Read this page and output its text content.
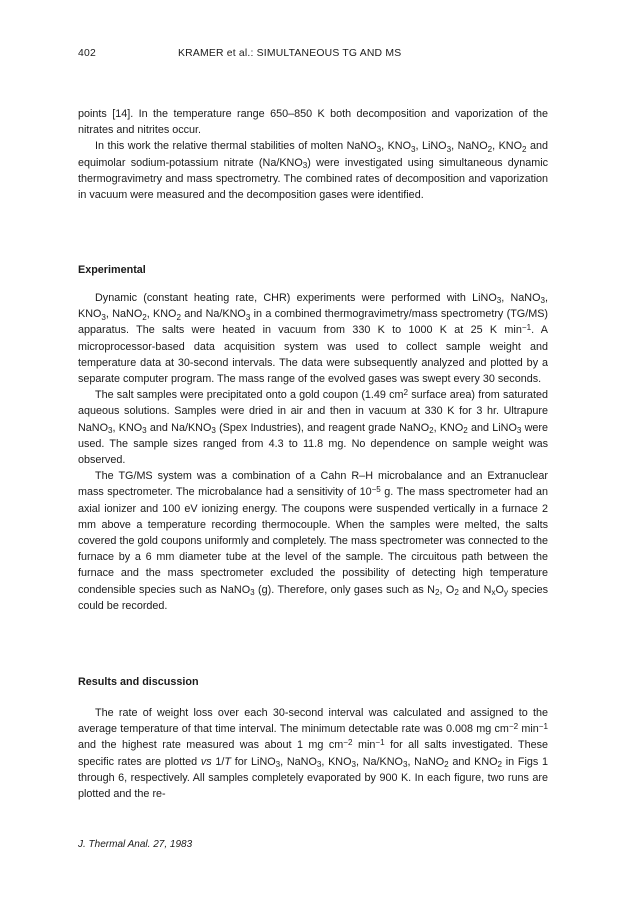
402	KRAMER et al.: SIMULTANEOUS TG AND MS

points [14]. In the temperature range 650–850 K both decomposition and vaporization of the nitrates and nitrites occur.

In this work the relative thermal stabilities of molten NaNO$_3$, $KNO_3$, LiNO$_3$, NaNO$_2$, $KNO_2$ and equimolar sodium-potassium nitrate $(Na/KNO_3)$ were investigated using simultaneous dynamic thermogravimetry and mass spectrometry. The combined rates of decomposition and vaporization in vacuum were measured and the decomposition gases were identified.

Experimental

Dynamic (constant heating rate, CHR) experiments were performed with LiNO$_3$, NaNO$_3$, $KNO_3$, NaNO$_2$, $KNO_2$ and $Na/KNO_3$ in a combined thermogravimetry/mass spectrometry (TG/MS) apparatus. The salts were heated in vacuum from 330 K to 1000 K at 25 K $\min^{-1}$. A microprocessor-based data acquisition system was used to collect sample weight and temperature data at 30-second intervals. The data were subsequently analyzed and plotted by a separate computer program. The mass range of the evolved gases was swept every 30 seconds.

The salt samples were precipitated onto a gold coupon (1.49 $cm^2$ surface area) from saturated aqueous solutions. Samples were dried in air and then in vacuum at 330 K for 3 hr. Ultrapure NaNO$_3$, $KNO_3$ and $Na/KNO_3$ (Spex Industries), and reagent grade NaNO$_2$, $KNO_2$ and LiNO$_3$ were used. The sample sizes ranged from 4.3 to 11.8 mg. No dependence on sample weight was observed.

The TG/MS system was a combination of a Cahn R–H microbalance and an Extranuclear mass spectrometer. The microbalance had a sensitivity of $10^{-5}$ g. The mass spectrometer had an axial ionizer and 100 eV ionizing energy. The coupons were suspended vertically in a furnace 2 mm above a temperature recording thermocouple. When the samples were melted, the salts covered the gold coupons uniformly and completely. The mass spectrometer was connected to the furnace by a 6 mm diameter tube at the level of the sample. The circuitous path between the furnace and the mass spectrometer excluded the possibility of detecting high temperature condensible species such as NaNO$_3$ (g). Therefore, only gases such as $N_2$, $O_2$ and $N_xO_y$ species could be recorded.

Results and discussion

The rate of weight loss over each 30-second interval was calculated and assigned to the average temperature of that time interval. The minimum detectable rate was 0.008 mg $cm^{-2}$ $\min^{-1}$ and the highest rate measured was about 1 mg $cm^{-2}$ $\min^{-1}$ for all salts investigated. These specific rates are plotted vs 1/T for LiNO$_3$, NaNO$_3$, $KNO_3$, $Na/KNO_3$, NaNO$_2$ and $KNO_2$ in Figs 1 through 6, respectively. All samples completely evaporated by 900 K. In each figure, two runs are plotted and the re-

J. Thermal Anal. 27, 1983
